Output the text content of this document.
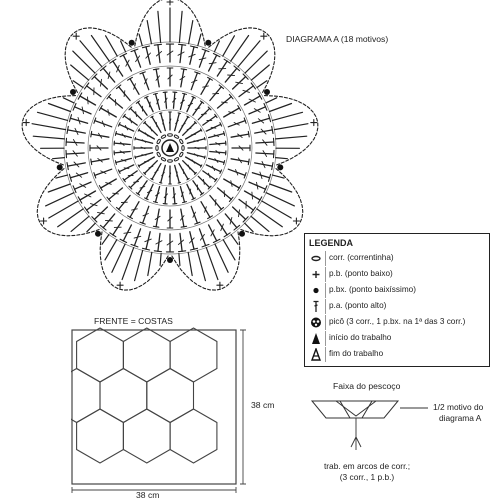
DIAGRAMA A (18 motivos)
LEGENDA
corr. (correntinha)
p.b. (ponto baixo)
p.bx. (ponto baixíssimo)
p.a. (ponto alto)
picô (3 corr., 1 p.bx. na 1ª das 3 corr.)
início do trabalho
fim do trabalho
FRENTE = COSTAS
38 cm
38 cm
Faixa do pescoço
1/2 motivo do
diagrama A
trab. em arcos de corr.;
(3 corr., 1 p.b.)
